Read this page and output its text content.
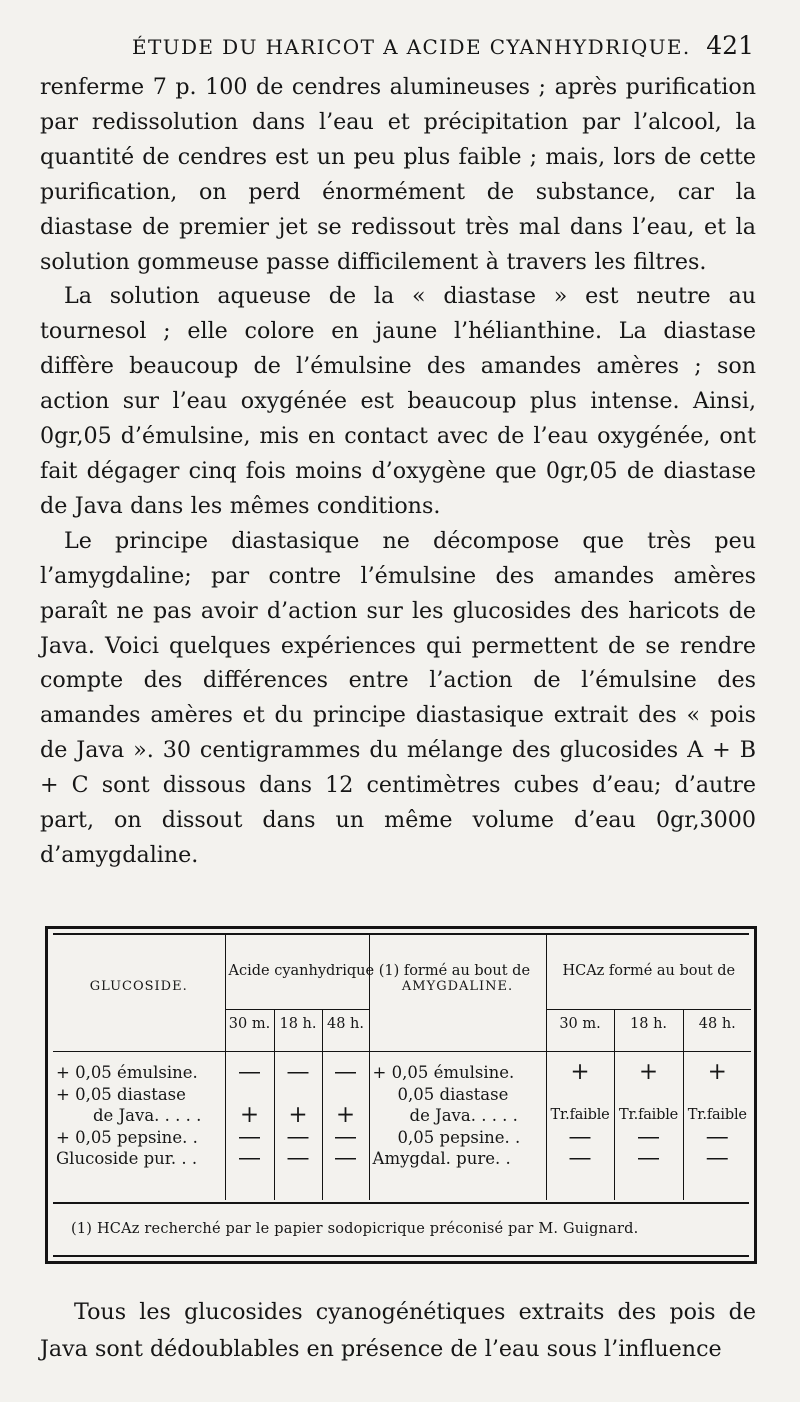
ÉTUDE DU HARICOT A ACIDE CYANHYDRIQUE. 421

renferme 7 p. 100 de cendres alumineuses ; après purification par redissolution dans l’eau et précipitation par l’alcool, la quantité de cendres est un peu plus faible ; mais, lors de cette purification, on perd énormément de substance, car la diastase de premier jet se redissout très mal dans l’eau, et la solution gommeuse passe difficilement à travers les filtres.

La solution aqueuse de la « diastase » est neutre au tournesol ; elle colore en jaune l’hélianthine. La diastase diffère beaucoup de l’émulsine des amandes amères ; son action sur l’eau oxygénée est beaucoup plus intense. Ainsi, 0gr,05 d’émulsine, mis en contact avec de l’eau oxygénée, ont fait dégager cinq fois moins d’oxygène que 0gr,05 de diastase de Java dans les mêmes conditions.

Le principe diastasique ne décompose que très peu l’amygdaline; par contre l’émulsine des amandes amères paraît ne pas avoir d’action sur les glucosides des haricots de Java. Voici quelques expériences qui permettent de se rendre compte des différences entre l’action de l’émulsine des amandes amères et du principe diastasique extrait des « pois de Java ». 30 centigrammes du mélange des glucosides A + B + C sont dissous dans 12 centimètres cubes d’eau; d’autre part, on dissout dans un même volume d’eau 0gr,3000 d’amygdaline.

GLUCOSIDE.	Acide cyanhydrique (1) formé au bout de			AMYGDALINE.	HCAz formé au bout de		
	30 m.	18 h.	48 h.		30 m.	18 h.	48 h.

+ 0,05 émulsine.	—	—	—	+ 0,05 émulsine.	+	+	+
+ 0,05 diastase				0,05 diastase			
de Java. . . . .	+	+	+	de Java. . . . .	Tr.faible	Tr.faible	Tr.faible
+ 0,05 pepsine. .	—	—	—	0,05 pepsine. .	—	—	—
Glucoside pur. . .	—	—	—	Amygdal. pure. .	—	—	—

(1) HCAz recherché par le papier sodopicrique préconisé par M. Guignard.

Tous les glucosides cyanogénétiques extraits des pois de Java sont dédoublables en présence de l’eau sous l’influence
